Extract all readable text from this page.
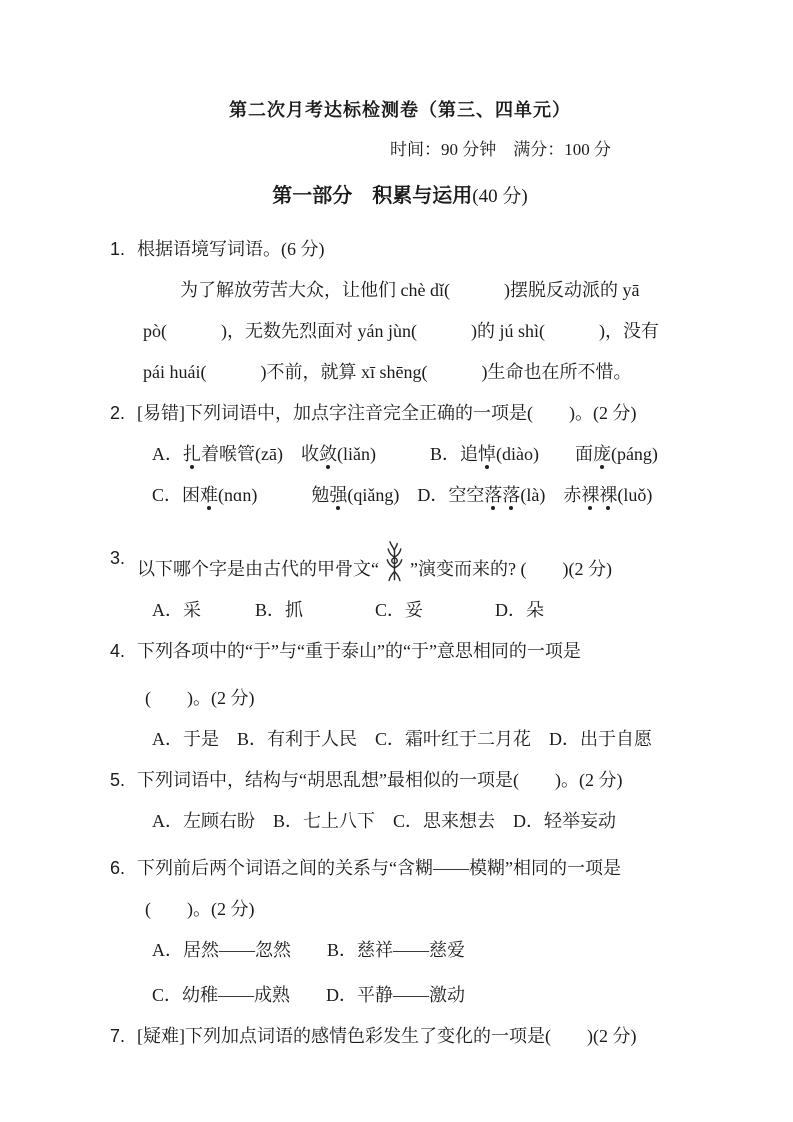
第二次月考达标检测卷（第三、四单元）
时间：90 分钟　满分：100 分
第一部分　积累与运用(40 分)
1. 根据语境写词语。(6 分)
为了解放劳苦大众，让他们 chè dǐ(　　　)摆脱反动派的 yā
pò(　　　)，无数先烈面对 yán jùn(　　　)的 jú shì(　　　)，没有
pái huái(　　　)不前，就算 xī shēng(　　　)生命也在所不惜。
2. [易错]下列词语中，加点字注音完全正确的一项是(　　)。(2 分)
A．扎着喉管(zā)　收敛(liǎn)　　　B．追悼(diào)　　面庞(páng)
C．困难(nɑn)　　　勉强(qiǎng)　D．空空落落(là)　赤裸裸(luǒ)
3.
以下哪个字是由古代的甲骨文“ ”演变而来的? (　　)(2 分)
A．采　　　B．抓　　　　C．妥　　　　D．朵
4. 下列各项中的“于”与“重于泰山”的“于”意思相同的一项是
(　　)。(2 分)
A．于是　B．有利于人民　C．霜叶红于二月花　D．出于自愿
5. 下列词语中，结构与“胡思乱想”最相似的一项是(　　)。(2 分)
A．左顾右盼　B．七上八下　C．思来想去　D．轻举妄动
6. 下列前后两个词语之间的关系与“含糊——模糊”相同的一项是
(　　)。(2 分)
A．居然——忽然　　B．慈祥——慈爱
C．幼稚——成熟　　D．平静——激动
7. [疑难]下列加点词语的感情色彩发生了变化的一项是(　　)(2 分)
